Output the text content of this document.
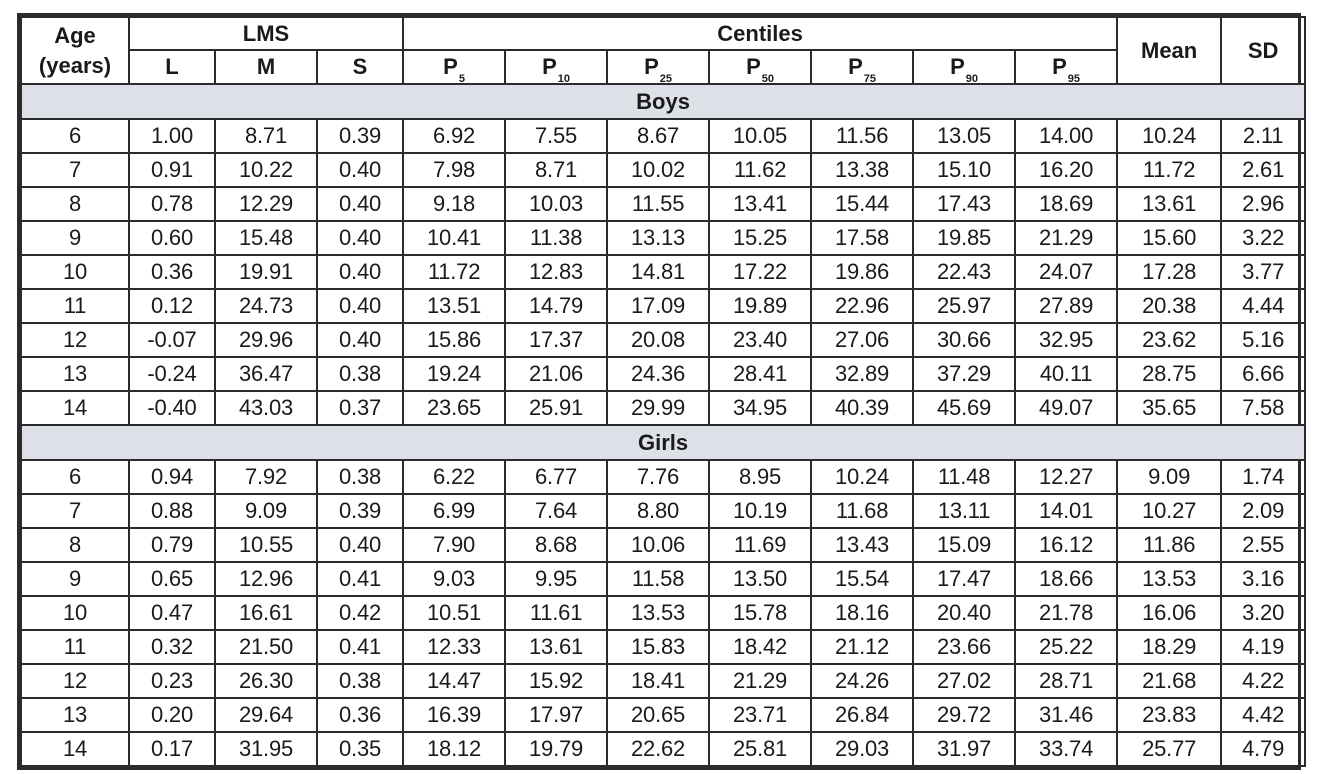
Age
(years)	LMS			Centiles							Mean	SD
	L	M	S	$P_5$	$P_{10}$	$P_{25}$	$P_{50}$	$P_{75}$	$P_{90}$	$P_{95}$
Boys												
6	1.00	8.71	0.39	6.92	7.55	8.67	10.05	11.56	13.05	14.00	10.24	2.11
7	0.91	10.22	0.40	7.98	8.71	10.02	11.62	13.38	15.10	16.20	11.72	2.61
8	0.78	12.29	0.40	9.18	10.03	11.55	13.41	15.44	17.43	18.69	13.61	2.96
9	0.60	15.48	0.40	10.41	11.38	13.13	15.25	17.58	19.85	21.29	15.60	3.22
10	0.36	19.91	0.40	11.72	12.83	14.81	17.22	19.86	22.43	24.07	17.28	3.77
11	0.12	24.73	0.40	13.51	14.79	17.09	19.89	22.96	25.97	27.89	20.38	4.44
12	-0.07	29.96	0.40	15.86	17.37	20.08	23.40	27.06	30.66	32.95	23.62	5.16
13	-0.24	36.47	0.38	19.24	21.06	24.36	28.41	32.89	37.29	40.11	28.75	6.66
14	-0.40	43.03	0.37	23.65	25.91	29.99	34.95	40.39	45.69	49.07	35.65	7.58
Girls												
6	0.94	7.92	0.38	6.22	6.77	7.76	8.95	10.24	11.48	12.27	9.09	1.74
7	0.88	9.09	0.39	6.99	7.64	8.80	10.19	11.68	13.11	14.01	10.27	2.09
8	0.79	10.55	0.40	7.90	8.68	10.06	11.69	13.43	15.09	16.12	11.86	2.55
9	0.65	12.96	0.41	9.03	9.95	11.58	13.50	15.54	17.47	18.66	13.53	3.16
10	0.47	16.61	0.42	10.51	11.61	13.53	15.78	18.16	20.40	21.78	16.06	3.20
11	0.32	21.50	0.41	12.33	13.61	15.83	18.42	21.12	23.66	25.22	18.29	4.19
12	0.23	26.30	0.38	14.47	15.92	18.41	21.29	24.26	27.02	28.71	21.68	4.22
13	0.20	29.64	0.36	16.39	17.97	20.65	23.71	26.84	29.72	31.46	23.83	4.42
14	0.17	31.95	0.35	18.12	19.79	22.62	25.81	29.03	31.97	33.74	25.77	4.79
